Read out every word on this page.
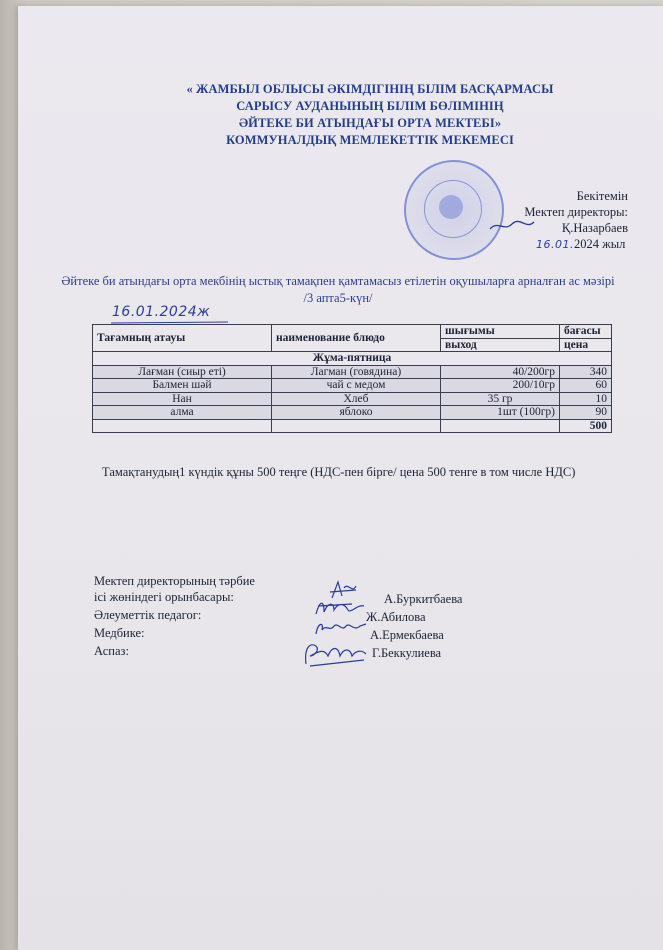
« ЖАМБЫЛ ОБЛЫСЫ ӘКІМДІГІНІҢ БІЛІМ БАСҚАРМАСЫ
САРЫСУ АУДАНЫНЫҢ БІЛІМ БӨЛІМІНІҢ
ӘЙТЕКЕ БИ АТЫНДАҒЫ ОРТА МЕКТЕБІ»
КОММУНАЛДЫҚ МЕМЛЕКЕТТІК МЕКЕМЕСІ
Бекітемін
Мектеп директоры:
Қ.Назарбаев
16.01.2024 жыл
Әйтеке би атындағы орта мекбінің ыстық тамақпен қамтамасыз етілетін оқушыларға арналған ас мәзірі /3 апта5-күн/
16.01.2024ж
Тағамның атауы	наименование блюдо	шығымы	бағасы
		выход	цена
Жұма-пятница			
Лағман (сиыр еті)	Лагман (говядина)	40/200гр	340
Балмен шәй	чай с медом	200/10гр	60
Нан	Хлеб	35 гр	10
алма	яблоко	1шт (100гр)	90
			500
Тамақтанудың1 күндік құны 500 теңге (НДС-пен бірге/ цена 500 тенге в том числе НДС)
Мектеп директорының тәрбие
ісі жөніндегі орынбасары:	А.Буркитбаева
Әлеуметтік педагог:	Ж.Абилова
Медбике:	А.Ермекбаева
Аспаз:	Г.Беккулиева
